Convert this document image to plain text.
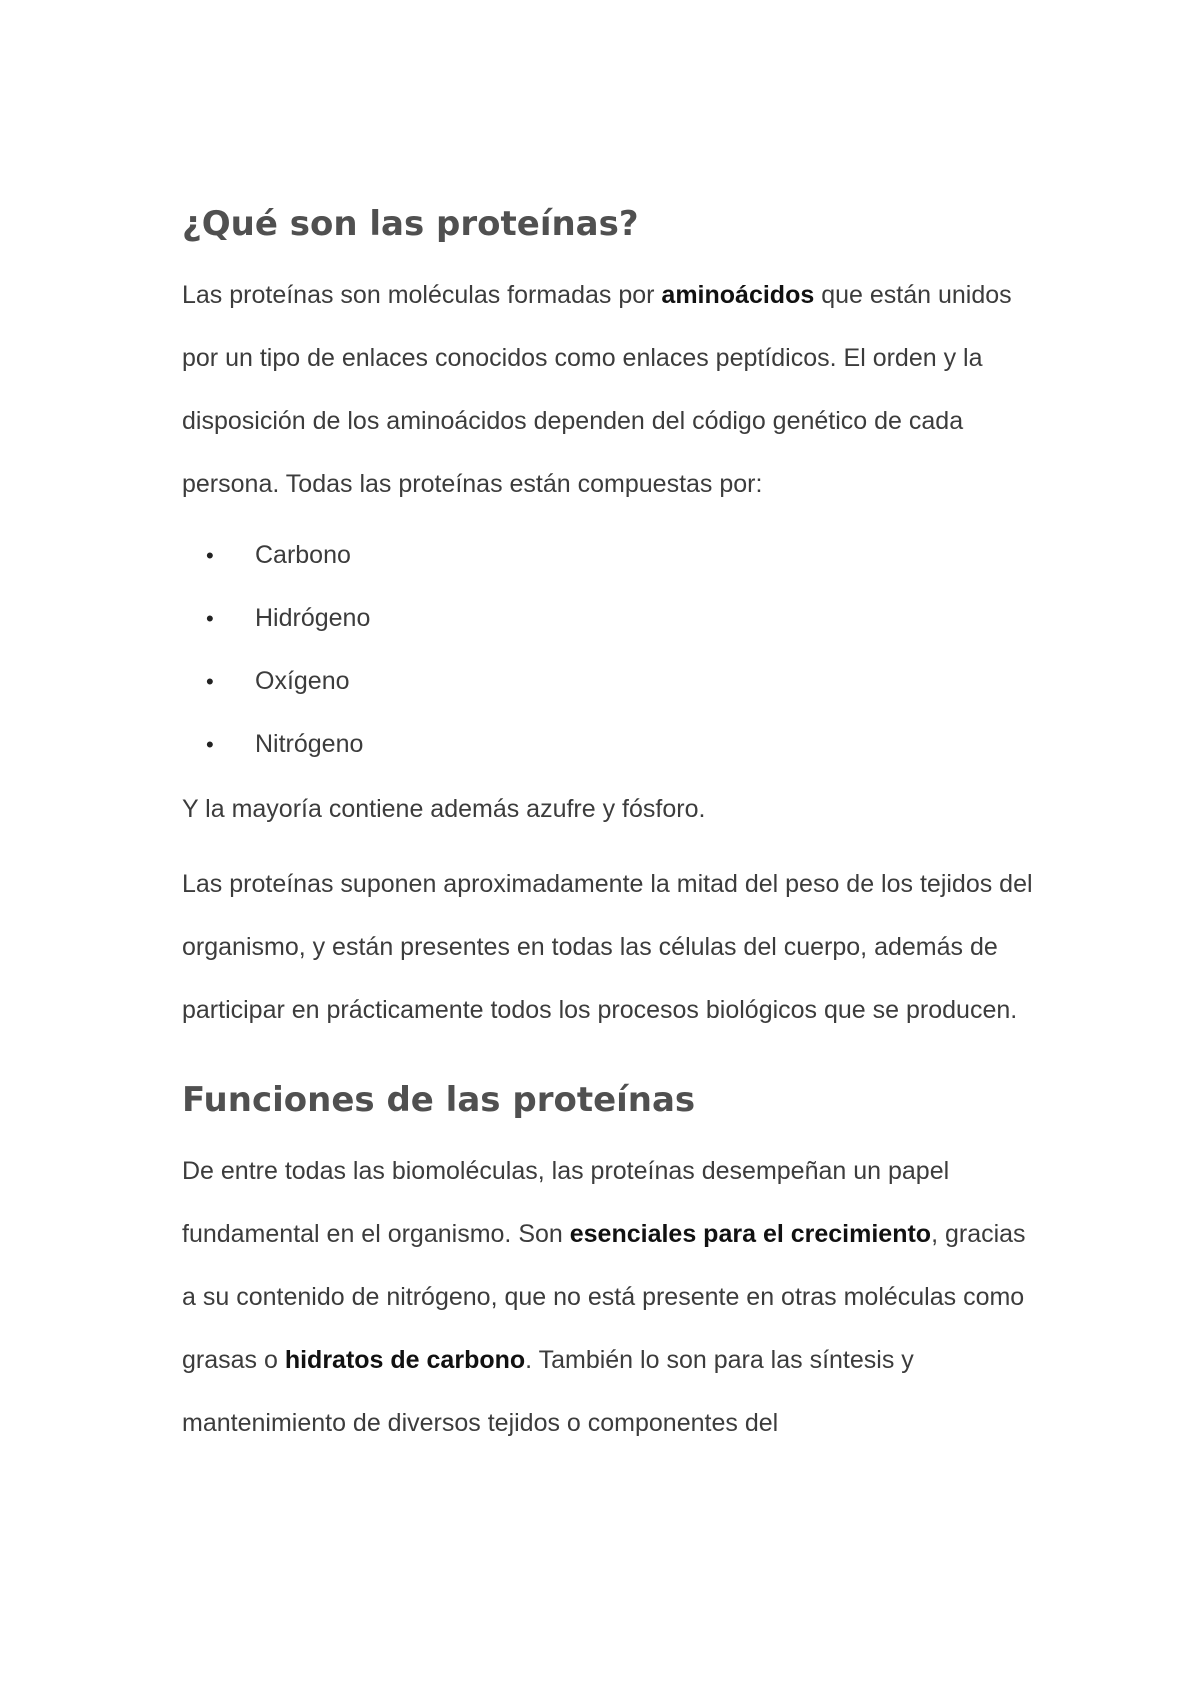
¿Qué son las proteínas?

Las proteínas son moléculas formadas por aminoácidos que están unidos por un tipo de enlaces conocidos como enlaces peptídicos. El orden y la disposición de los aminoácidos dependen del código genético de cada persona. Todas las proteínas están compuestas por:

• Carbono
• Hidrógeno
• Oxígeno
• Nitrógeno

Y la mayoría contiene además azufre y fósforo.

Las proteínas suponen aproximadamente la mitad del peso de los tejidos del organismo, y están presentes en todas las células del cuerpo, además de participar en prácticamente todos los procesos biológicos que se producen.

Funciones de las proteínas

De entre todas las biomoléculas, las proteínas desempeñan un papel fundamental en el organismo. Son esenciales para el crecimiento, gracias a su contenido de nitrógeno, que no está presente en otras moléculas como grasas o hidratos de carbono. También lo son para las síntesis y mantenimiento de diversos tejidos o componentes del
